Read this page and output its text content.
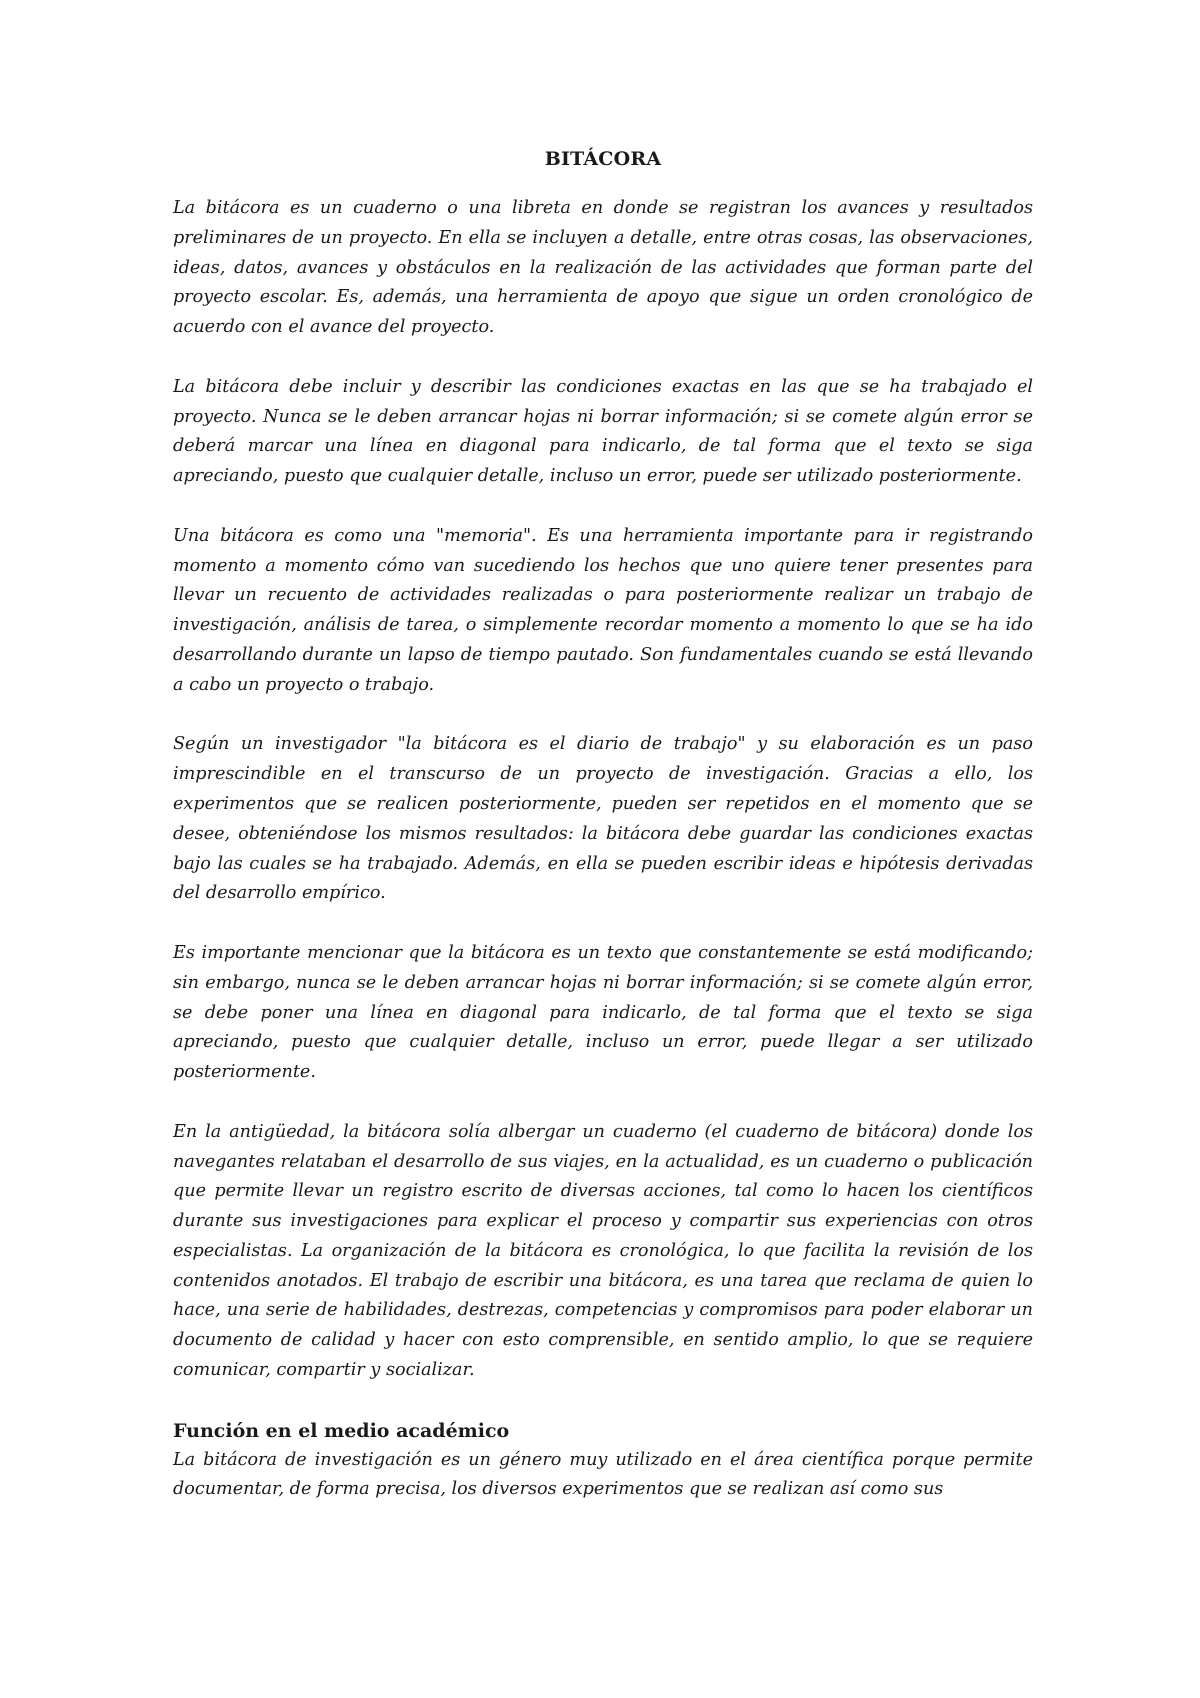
BITÁCORA

La bitácora es un cuaderno o una libreta en donde se registran los avances y resultados preliminares de un proyecto. En ella se incluyen a detalle, entre otras cosas, las observaciones, ideas, datos, avances y obstáculos en la realización de las actividades que forman parte del proyecto escolar. Es, además, una herramienta de apoyo que sigue un orden cronológico de acuerdo con el avance del proyecto.

La bitácora debe incluir y describir las condiciones exactas en las que se ha trabajado el proyecto. Nunca se le deben arrancar hojas ni borrar información; si se comete algún error se deberá marcar una línea en diagonal para indicarlo, de tal forma que el texto se siga apreciando, puesto que cualquier detalle, incluso un error, puede ser utilizado posteriormente.

Una bitácora es como una "memoria". Es una herramienta importante para ir registrando momento a momento cómo van sucediendo los hechos que uno quiere tener presentes para llevar un recuento de actividades realizadas o para posteriormente realizar un trabajo de investigación, análisis de tarea, o simplemente recordar momento a momento lo que se ha ido desarrollando durante un lapso de tiempo pautado. Son fundamentales cuando se está llevando a cabo un proyecto o trabajo.

Según un investigador "la bitácora es el diario de trabajo" y su elaboración es un paso imprescindible en el transcurso de un proyecto de investigación. Gracias a ello, los experimentos que se realicen posteriormente, pueden ser repetidos en el momento que se desee, obteniéndose los mismos resultados: la bitácora debe guardar las condiciones exactas bajo las cuales se ha trabajado. Además, en ella se pueden escribir ideas e hipótesis derivadas del desarrollo empírico.

Es importante mencionar que la bitácora es un texto que constantemente se está modificando; sin embargo, nunca se le deben arrancar hojas ni borrar información; si se comete algún error, se debe poner una línea en diagonal para indicarlo, de tal forma que el texto se siga apreciando, puesto que cualquier detalle, incluso un error, puede llegar a ser utilizado posteriormente.

En la antigüedad, la bitácora solía albergar un cuaderno (el cuaderno de bitácora) donde los navegantes relataban el desarrollo de sus viajes, en la actualidad, es un cuaderno o publicación que permite llevar un registro escrito de diversas acciones, tal como lo hacen los científicos durante sus investigaciones para explicar el proceso y compartir sus experiencias con otros especialistas. La organización de la bitácora es cronológica, lo que facilita la revisión de los contenidos anotados. El trabajo de escribir una bitácora, es una tarea que reclama de quien lo hace, una serie de habilidades, destrezas, competencias y compromisos para poder elaborar un documento de calidad y hacer con esto comprensible, en sentido amplio, lo que se requiere comunicar, compartir y socializar.

Función en el medio académico

La bitácora de investigación es un género muy utilizado en el área científica porque permite documentar, de forma precisa, los diversos experimentos que se realizan así como sus
